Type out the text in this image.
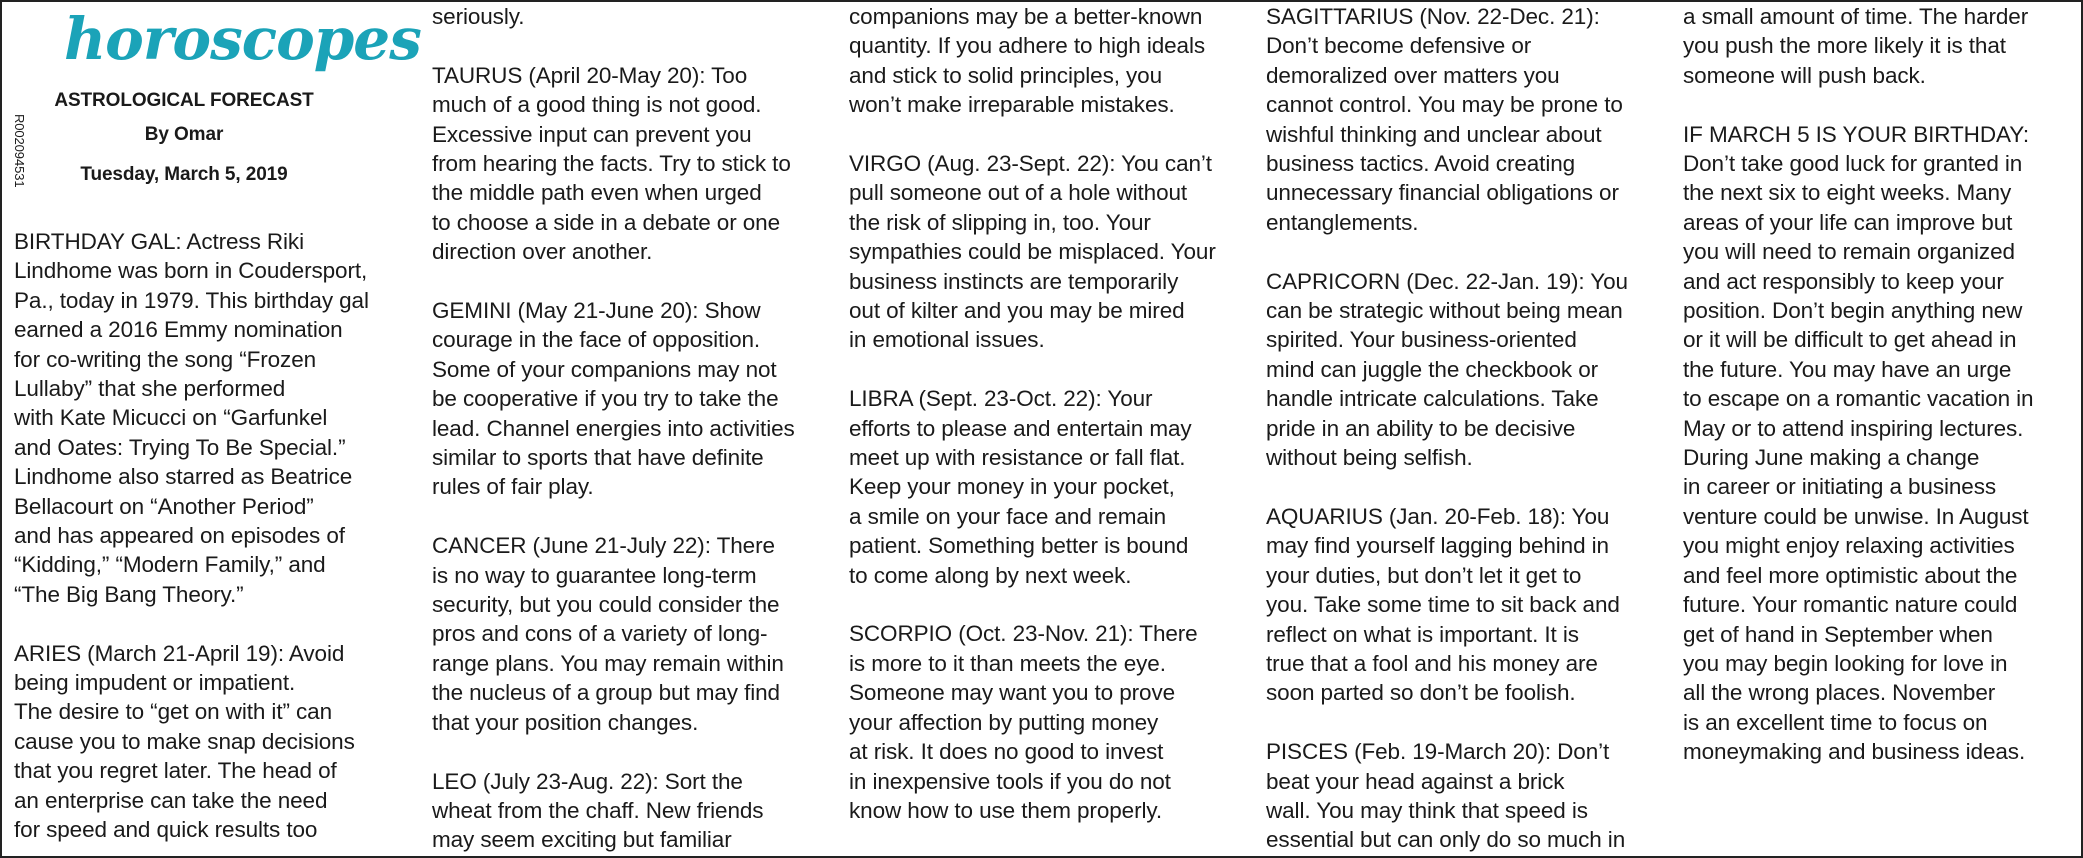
horoscopes
ASTROLOGICAL FORECAST
By Omar
Tuesday, March 5, 2019
R002094531

BIRTHDAY GAL: Actress Riki
Lindhome was born in Coudersport,
Pa., today in 1979. This birthday gal
earned a 2016 Emmy nomination
for co-writing the song “Frozen
Lullaby” that she performed
with Kate Micucci on “Garfunkel
and Oates: Trying To Be Special.”
Lindhome also starred as Beatrice
Bellacourt on “Another Period”
and has appeared on episodes of
“Kidding,” “Modern Family,” and
“The Big Bang Theory.”

ARIES (March 21-April 19): Avoid
being impudent or impatient.
The desire to “get on with it” can
cause you to make snap decisions
that you regret later. The head of
an enterprise can take the need
for speed and quick results too

seriously.

TAURUS (April 20-May 20): Too
much of a good thing is not good.
Excessive input can prevent you
from hearing the facts. Try to stick to
the middle path even when urged
to choose a side in a debate or one
direction over another.

GEMINI (May 21-June 20): Show
courage in the face of opposition.
Some of your companions may not
be cooperative if you try to take the
lead. Channel energies into activities
similar to sports that have definite
rules of fair play.

CANCER (June 21-July 22): There
is no way to guarantee long-term
security, but you could consider the
pros and cons of a variety of long-
range plans. You may remain within
the nucleus of a group but may find
that your position changes.

LEO (July 23-Aug. 22): Sort the
wheat from the chaff. New friends
may seem exciting but familiar

companions may be a better-known
quantity. If you adhere to high ideals
and stick to solid principles, you
won’t make irreparable mistakes.

VIRGO (Aug. 23-Sept. 22): You can’t
pull someone out of a hole without
the risk of slipping in, too. Your
sympathies could be misplaced. Your
business instincts are temporarily
out of kilter and you may be mired
in emotional issues.

LIBRA (Sept. 23-Oct. 22): Your
efforts to please and entertain may
meet up with resistance or fall flat.
Keep your money in your pocket,
a smile on your face and remain
patient. Something better is bound
to come along by next week.

SCORPIO (Oct. 23-Nov. 21): There
is more to it than meets the eye.
Someone may want you to prove
your affection by putting money
at risk. It does no good to invest
in inexpensive tools if you do not
know how to use them properly.

SAGITTARIUS (Nov. 22-Dec. 21):
Don’t become defensive or
demoralized over matters you
cannot control. You may be prone to
wishful thinking and unclear about
business tactics. Avoid creating
unnecessary financial obligations or
entanglements.

CAPRICORN (Dec. 22-Jan. 19): You
can be strategic without being mean
spirited. Your business-oriented
mind can juggle the checkbook or
handle intricate calculations. Take
pride in an ability to be decisive
without being selfish.

AQUARIUS (Jan. 20-Feb. 18): You
may find yourself lagging behind in
your duties, but don’t let it get to
you. Take some time to sit back and
reflect on what is important. It is
true that a fool and his money are
soon parted so don’t be foolish.

PISCES (Feb. 19-March 20): Don’t
beat your head against a brick
wall. You may think that speed is
essential but can only do so much in

a small amount of time. The harder
you push the more likely it is that
someone will push back.

IF MARCH 5 IS YOUR BIRTHDAY:
Don’t take good luck for granted in
the next six to eight weeks. Many
areas of your life can improve but
you will need to remain organized
and act responsibly to keep your
position. Don’t begin anything new
or it will be difficult to get ahead in
the future. You may have an urge
to escape on a romantic vacation in
May or to attend inspiring lectures.
During June making a change
in career or initiating a business
venture could be unwise. In August
you might enjoy relaxing activities
and feel more optimistic about the
future. Your romantic nature could
get of hand in September when
you may begin looking for love in
all the wrong places. November
is an excellent time to focus on
moneymaking and business ideas.
